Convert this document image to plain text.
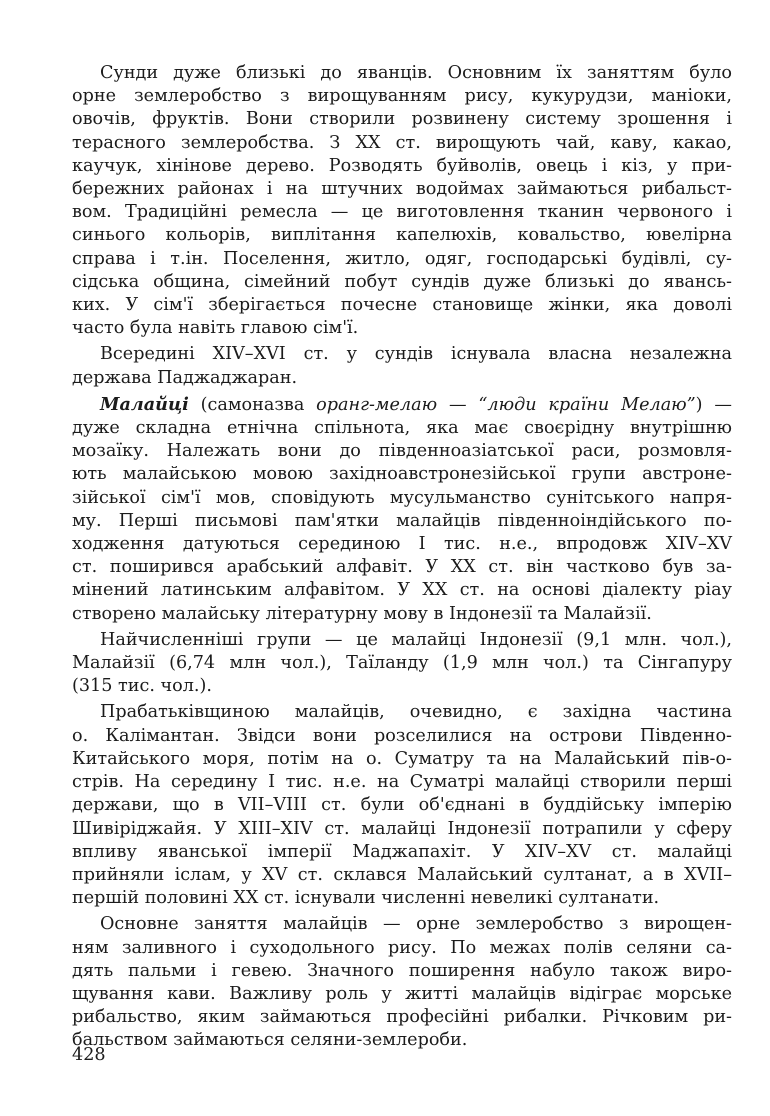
Сунди дуже близькі до яванців. Основним їх заняттям було
орне землеробство з вирощуванням рису, кукурудзи, маніоки,
овочів, фруктів. Вони створили розвинену систему зрошення і
терасного землеробства. З XX ст. вирощують чай, каву, какао,
каучук, хінінове дерево. Розводять буйволів, овець і кіз, у при-
бережних районах і на штучних водоймах займаються рибальст-
вом. Традиційні ремесла — це виготовлення тканин червоного і
синього кольорів, виплітання капелюхів, ковальство, ювелірна
справа і т.ін. Поселення, житло, одяг, господарські будівлі, су-
сідська община, сімейний побут сундів дуже близькі до явансь-
ких. У сім'ї зберігається почесне становище жінки, яка доволі
часто була навіть главою сім'ї.
Всередині XIV–XVI ст. у сундів існувала власна незалежна
держава Паджаджаран.
Малайці (самоназва оранг-мелаю — “люди країни Мелаю”) —
дуже складна етнічна спільнота, яка має своєрідну внутрішню
мозаїку. Належать вони до південноазіатської раси, розмовля-
ють малайською мовою західноавстронезійської групи австроне-
зійської сім'ї мов, сповідують мусульманство сунітського напря-
му. Перші письмові пам'ятки малайців південноіндійського по-
ходження датуються серединою I тис. н.е., впродовж XIV–XV
ст. поширився арабський алфавіт. У XX ст. він частково був за-
мінений латинським алфавітом. У XX ст. на основі діалекту ріау
створено малайську літературну мову в Індонезії та Малайзії.
Найчисленніші групи — це малайці Індонезії (9,1 млн. чол.),
Малайзії (6,74 млн чол.), Таїланду (1,9 млн чол.) та Сінгапуру
(315 тис. чол.).
Прабатьківщиною малайців, очевидно, є західна частина
о. Калімантан. Звідси вони розселилися на острови Південно-
Китайського моря, потім на о. Суматру та на Малайський пів-о-
стрів. На середину I тис. н.е. на Суматрі малайці створили перші
держави, що в VII–VIII ст. були об'єднані в буддійську імперію
Шивіріджайя. У XIII–XIV ст. малайці Індонезії потрапили у сферу
впливу яванської імперії Маджапахіт. У XIV–XV ст. малайці
прийняли іслам, у XV ст. склався Малайський султанат, а в XVII–
першій половині XX ст. існували численні невеликі султанати.
Основне заняття малайців — орне землеробство з вирощен-
ням заливного і суходольного рису. По межах полів селяни са-
дять пальми і гевею. Значного поширення набуло також виро-
щування кави. Важливу роль у житті малайців відіграє морське
рибальство, яким займаються професійні рибалки. Річковим ри-
бальством займаються селяни-землероби.
428
